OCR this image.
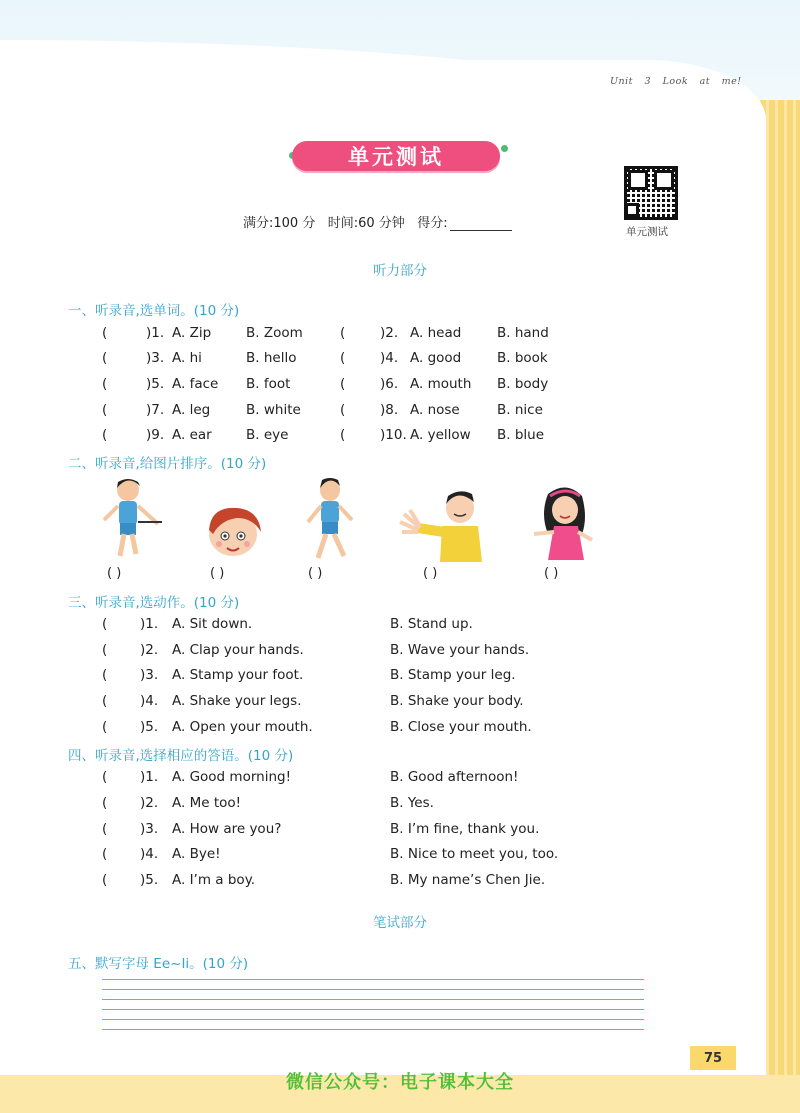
Unit 3 Look at me!
单元测试
单元测试
满分:100 分 时间:60 分钟 得分:
听力部分
一、听录音,选单词。(10 分)
(	)1. A. Zip	B. Zoom	(	)2. A. head	B. hand
(	)3. A. hi	B. hello	(	)4. A. good	B. book
(	)5. A. face B. foot	(	)6. A. mouth B. body
(	)7. A. leg	B. white	(	)8. A. nose	B. nice
(	)9. A. ear	B. eye	(	)10. A. yellow B. blue
二、听录音,给图片排序。(10 分)
( )	( )	( )	( )	( )
三、听录音,选动作。(10 分)
( )1. A. Sit down.	B. Stand up.
( )2. A. Clap your hands.	B. Wave your hands.
( )3. A. Stamp your foot.	B. Stamp your leg.
( )4. A. Shake your legs.	B. Shake your body.
( )5. A. Open your mouth.	B. Close your mouth.
四、听录音,选择相应的答语。(10 分)
( )1. A. Good morning!	B. Good afternoon!
( )2. A. Me too!	B. Yes.
( )3. A. How are you?	B. I’m fine, thank you.
( )4. A. Bye!	B. Nice to meet you, too.
( )5. A. I’m a boy.	B. My name’s Chen Jie.
笔试部分
五、默写字母 Ee~Ii。(10 分)
75
微信公众号：电子课本大全
